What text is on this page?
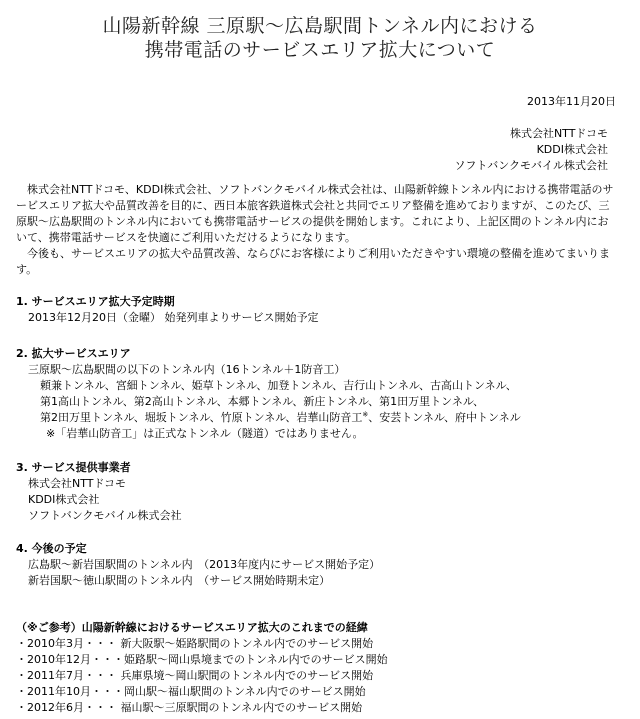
山陽新幹線 三原駅～広島駅間トンネル内における
携帯電話のサービスエリア拡大について
2013年11月20日
株式会社NTTドコモ
KDDI株式会社
ソフトバンクモバイル株式会社

株式会社NTTドコモ、KDDI株式会社、ソフトバンクモバイル株式会社は、山陽新幹線トンネル内における携帯電話のサービスエリア拡大や品質改善を目的に、西日本旅客鉄道株式会社と共同でエリア整備を進めておりますが、このたび、三原駅～広島駅間のトンネル内においても携帯電話サービスの提供を開始します。これにより、上記区間のトンネル内において、携帯電話サービスを快適にご利用いただけるようになります。

今後も、サービスエリアの拡大や品質改善、ならびにお客様によりご利用いただきやすい環境の整備を進めてまいります。

1. サービスエリア拡大予定時期

2013年12月20日（金曜） 始発列車よりサービス開始予定

2. 拡大サービスエリア

三原駅～広島駅間の以下のトンネル内（16トンネル＋1防音工）

頼兼トンネル、宮細トンネル、姫草トンネル、加登トンネル、吉行山トンネル、古高山トンネル、

第1高山トンネル、第2高山トンネル、本郷トンネル、新庄トンネル、第1田万里トンネル、

第2田万里トンネル、堀坂トンネル、竹原トンネル、岩華山防音工※、安芸トンネル、府中トンネル

※「岩華山防音工」は正式なトンネル（隧道）ではありません。

3. サービス提供事業者

株式会社NTTドコモ

KDDI株式会社

ソフトバンクモバイル株式会社

4. 今後の予定

広島駅～新岩国駅間のトンネル内　（2013年度内にサービス開始予定）

新岩国駅～徳山駅間のトンネル内　（サービス開始時期未定）

（※ご参考）山陽新幹線におけるサービスエリア拡大のこれまでの経緯

・2010年3月・・・ 新大阪駅～姫路駅間のトンネル内でのサービス開始

・2010年12月・・・姫路駅～岡山県境までのトンネル内でのサービス開始

・2011年7月・・・ 兵庫県境～岡山駅間のトンネル内でのサービス開始

・2011年10月・・・岡山駅～福山駅間のトンネル内でのサービス開始

・2012年6月・・・ 福山駅～三原駅間のトンネル内でのサービス開始
